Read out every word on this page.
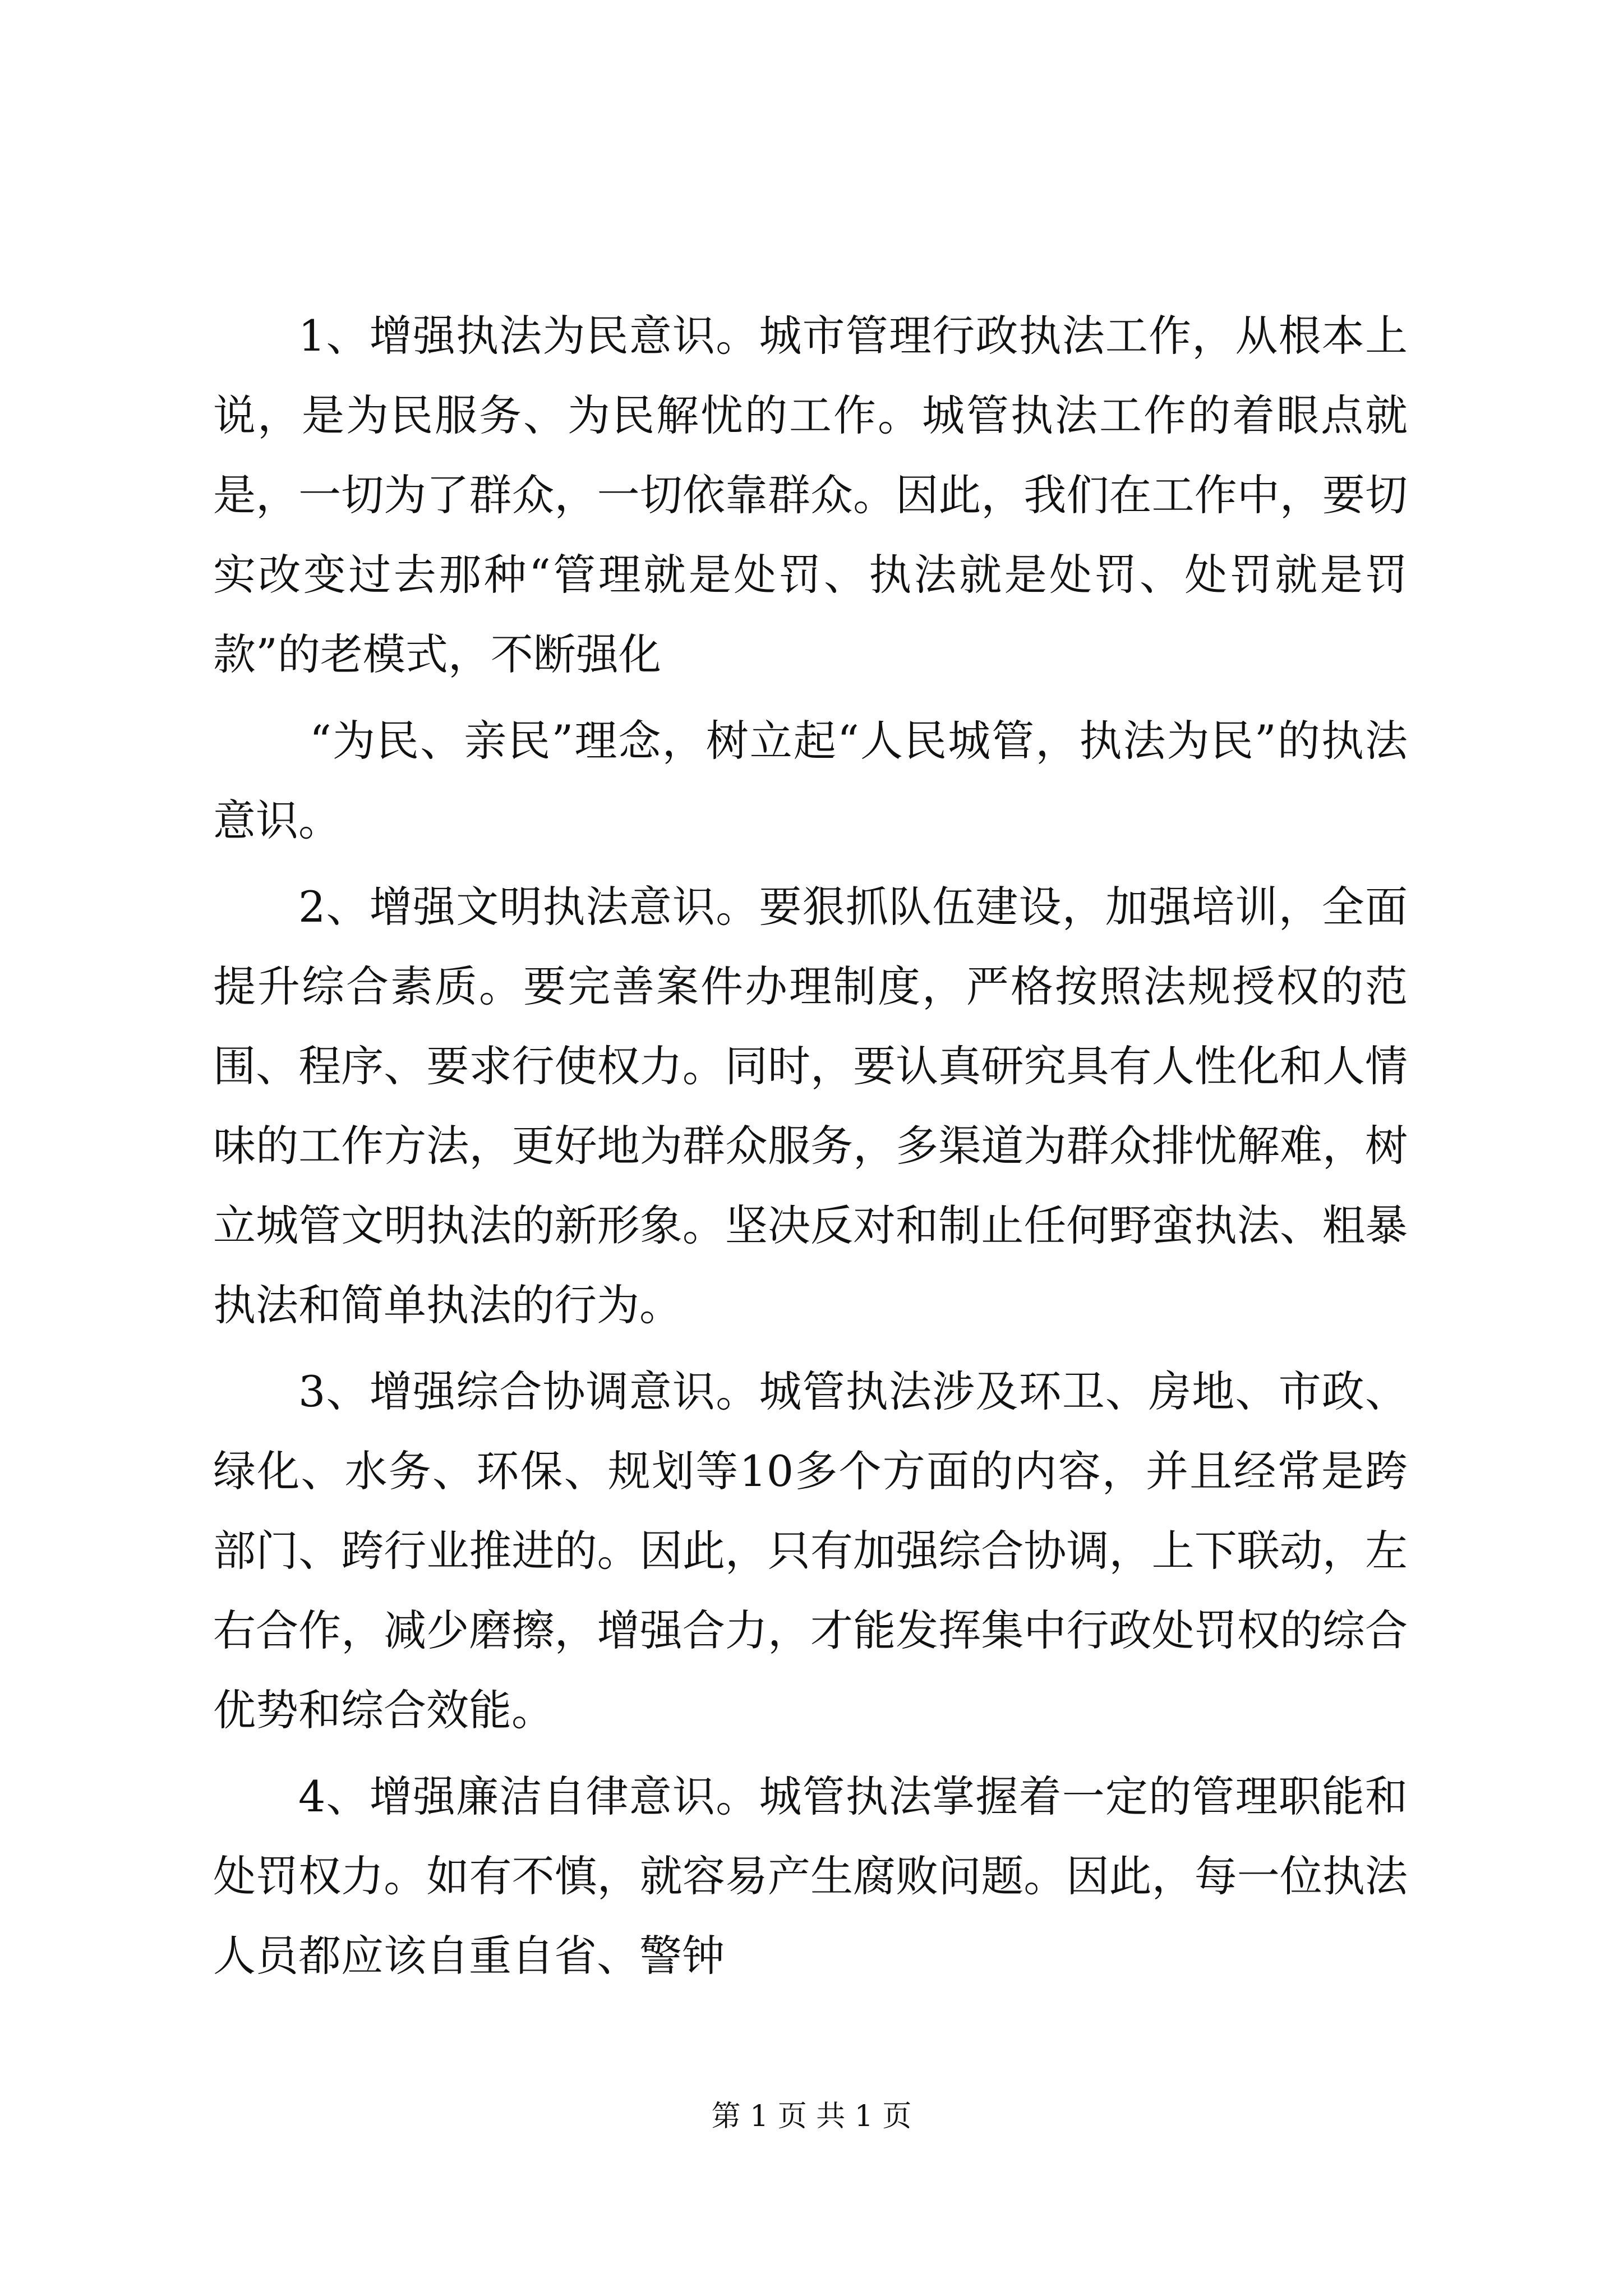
1、增强执法为民意识。城市管理行政执法工作，从根本上说，是为民服务、为民解忧的工作。城管执法工作的着眼点就是，一切为了群众，一切依靠群众。因此，我们在工作中，要切实改变过去那种“管理就是处罚、执法就是处罚、处罚就是罚款”的老模式，不断强化

“为民、亲民”理念，树立起“人民城管，执法为民”的执法意识。

2、增强文明执法意识。要狠抓队伍建设，加强培训，全面提升综合素质。要完善案件办理制度，严格按照法规授权的范围、程序、要求行使权力。同时，要认真研究具有人性化和人情味的工作方法，更好地为群众服务，多渠道为群众排忧解难，树立城管文明执法的新形象。坚决反对和制止任何野蛮执法、粗暴执法和简单执法的行为。

3、增强综合协调意识。城管执法涉及环卫、房地、市政、绿化、水务、环保、规划等10多个方面的内容，并且经常是跨部门、跨行业推进的。因此，只有加强综合协调，上下联动，左右合作，减少磨擦，增强合力，才能发挥集中行政处罚权的综合优势和综合效能。

4、增强廉洁自律意识。城管执法掌握着一定的管理职能和处罚权力。如有不慎，就容易产生腐败问题。因此，每一位执法人员都应该自重自省、警钟

第 1 页 共 1 页
